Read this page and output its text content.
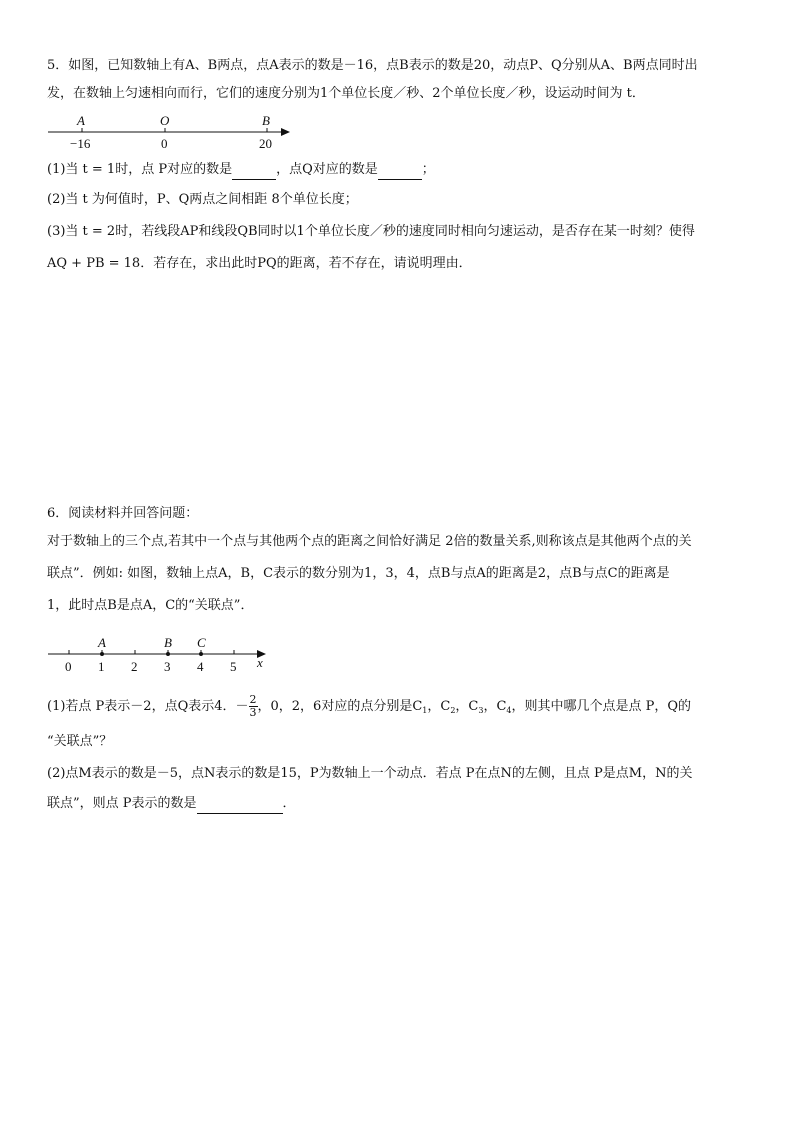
5．如图，已知数轴上有A、B两点，点A表示的数是－16，点B表示的数是20，动点P、Q分别从A、B两点同时出
发，在数轴上匀速相向而行，它们的速度分别为1个单位长度／秒、2个单位长度／秒，设运动时间为 t．
A	O	B
−16	0	20
(1)当 t = 1时，点 P对应的数是	，点Q对应的数是	；
(2)当 t 为何值时，P、Q两点之间相距 8个单位长度；
(3)当 t = 2时，若线段AP和线段QB同时以1个单位长度／秒的速度同时相向匀速运动，是否存在某一时刻？使得
AQ + PB = 18．若存在，求出此时PQ的距离，若不存在，请说明理由．
6．阅读材料并回答问题：
对于数轴上的三个点,若其中一个点与其他两个点的距离之间恰好满足 2倍的数量关系,则称该点是其他两个点的关
联点”．例如: 如图，数轴上点A，B，C表示的数分别为1，3，4，点B与点A的距离是2，点B与点C的距离是
1，此时点B是点A，C的“关联点”．
A	B C
0 1 2 3 4 5 x
(1)若点 P表示－2，点Q表示4．－ $\frac{2}{3}$ ，0，2，6对应的点分别是$C_1$，$C_2$，$C_3$，$C_4$，则其中哪几个点是点 P，Q的
“关联点”？
(2)点M表示的数是－5，点N表示的数是15，P为数轴上一个动点．若点 P在点N的左侧，且点 P是点M，N的关
联点”，则点 P表示的数是	．
